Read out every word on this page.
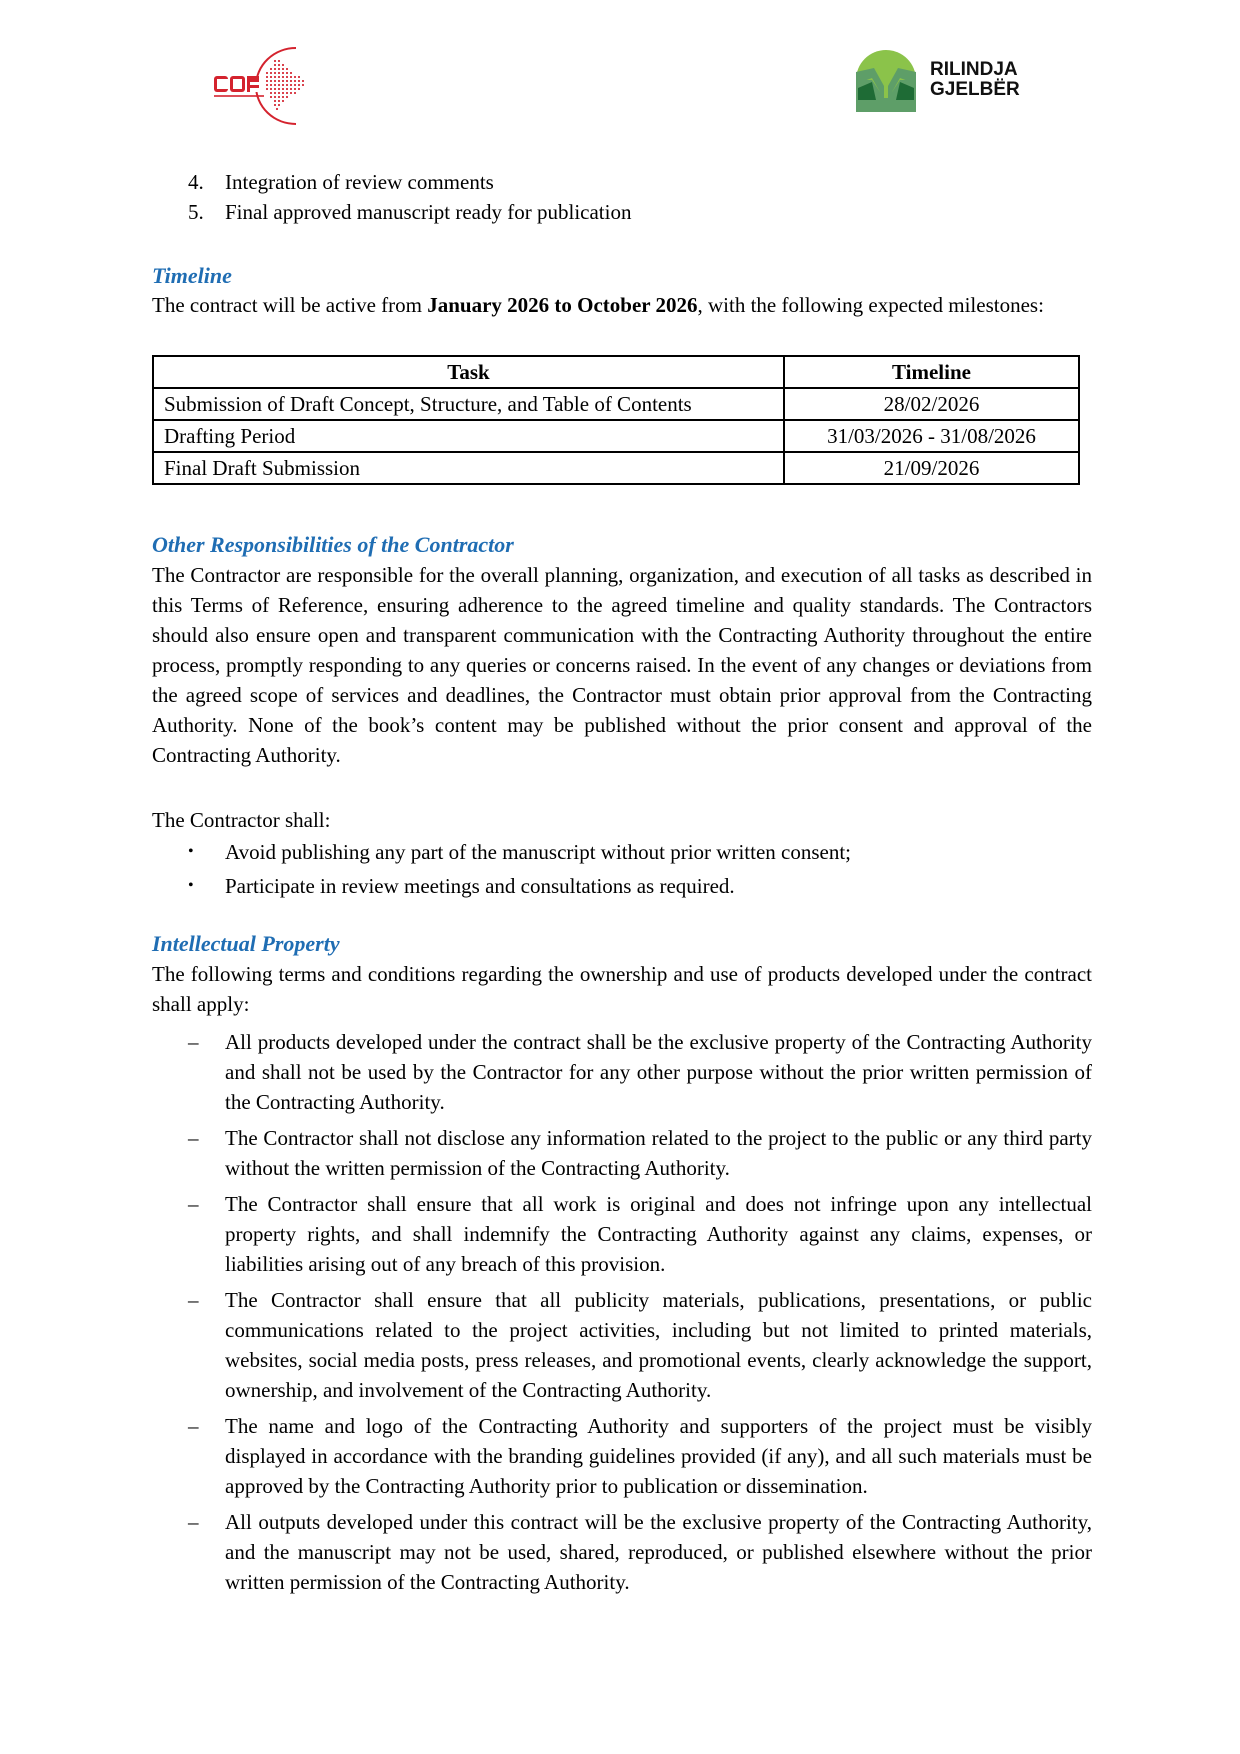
RILINDJA
GJELBËR
4.	Integration of review comments
5.	Final approved manuscript ready for publication
Timeline
The contract will be active from January 2026 to October 2026, with the following expected milestones:
Task	Timeline
Submission of Draft Concept, Structure, and Table of Contents	28/02/2026
Drafting Period	31/03/2026 - 31/08/2026
Final Draft Submission	21/09/2026
Other Responsibilities of the Contractor
The Contractor are responsible for the overall planning, organization, and execution of all tasks as described in this Terms of Reference, ensuring adherence to the agreed timeline and quality standards. The Contractors should also ensure open and transparent communication with the Contracting Authority throughout the entire process, promptly responding to any queries or concerns raised. In the event of any changes or deviations from the agreed scope of services and deadlines, the Contractor must obtain prior approval from the Contracting Authority. None of the book’s content may be published without the prior consent and approval of the Contracting Authority.
The Contractor shall:
•	Avoid publishing any part of the manuscript without prior written consent;
•	Participate in review meetings and consultations as required.
Intellectual Property
The following terms and conditions regarding the ownership and use of products developed under the contract shall apply:
–	All products developed under the contract shall be the exclusive property of the Contracting Authority and shall not be used by the Contractor for any other purpose without the prior written permission of the Contracting Authority.
–	The Contractor shall not disclose any information related to the project to the public or any third party without the written permission of the Contracting Authority.
–	The Contractor shall ensure that all work is original and does not infringe upon any intellectual property rights, and shall indemnify the Contracting Authority against any claims, expenses, or liabilities arising out of any breach of this provision.
–	The Contractor shall ensure that all publicity materials, publications, presentations, or public communications related to the project activities, including but not limited to printed materials, websites, social media posts, press releases, and promotional events, clearly acknowledge the support, ownership, and involvement of the Contracting Authority.
–	The name and logo of the Contracting Authority and supporters of the project must be visibly displayed in accordance with the branding guidelines provided (if any), and all such materials must be approved by the Contracting Authority prior to publication or dissemination.
–	All outputs developed under this contract will be the exclusive property of the Contracting Authority, and the manuscript may not be used, shared, reproduced, or published elsewhere without the prior written permission of the Contracting Authority.
